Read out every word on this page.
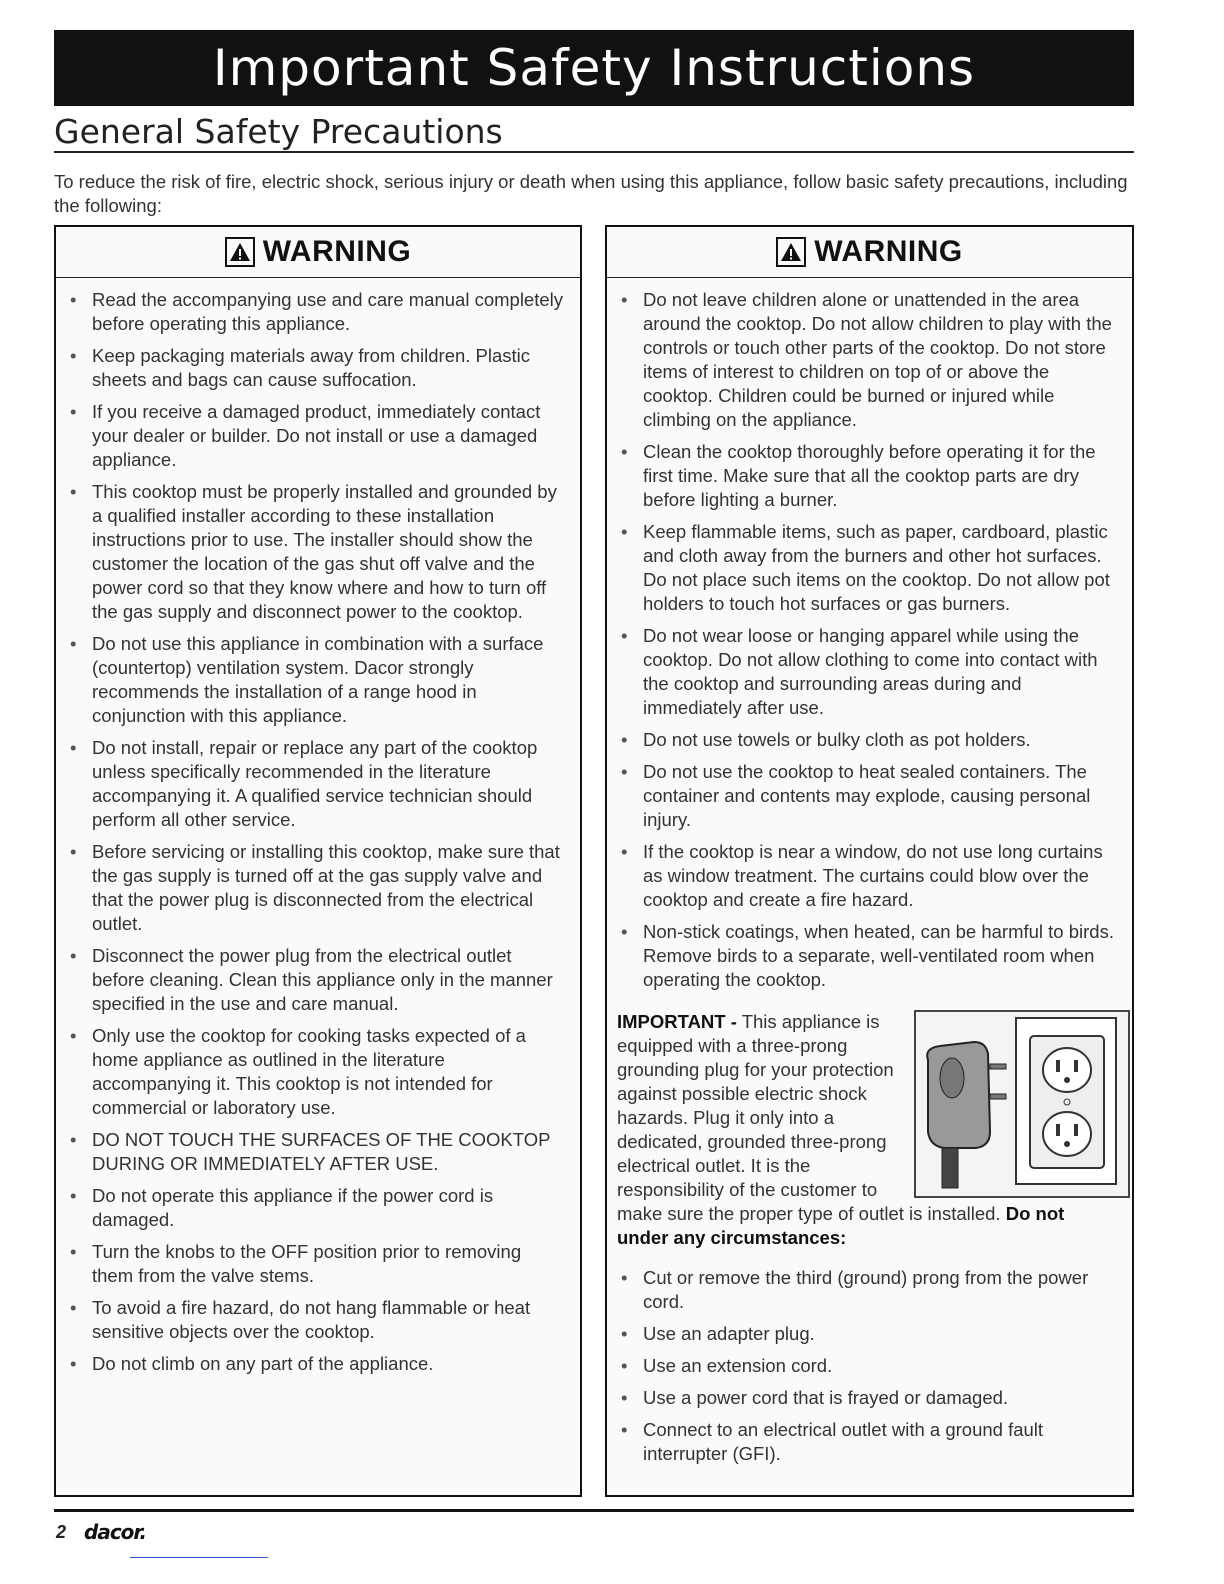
Important Safety Instructions
General Safety Precautions
To reduce the risk of fire, electric shock, serious injury or death when using this appliance, follow basic safety precautions, including the following:
WARNING
• Read the accompanying use and care manual completely before operating this appliance.
• Keep packaging materials away from children. Plastic sheets and bags can cause suffocation.
• If you receive a damaged product, immediately contact your dealer or builder. Do not install or use a damaged appliance.
• This cooktop must be properly installed and grounded by a qualified installer according to these installation instructions prior to use. The installer should show the customer the location of the gas shut off valve and the power cord so that they know where and how to turn off the gas supply and disconnect power to the cooktop.
• Do not use this appliance in combination with a surface (countertop) ventilation system. Dacor strongly recommends the installation of a range hood in conjunction with this appliance.
• Do not install, repair or replace any part of the cooktop unless specifically recommended in the literature accompanying it. A qualified service technician should perform all other service.
• Before servicing or installing this cooktop, make sure that the gas supply is turned off at the gas supply valve and that the power plug is disconnected from the electrical outlet.
• Disconnect the power plug from the electrical outlet before cleaning. Clean this appliance only in the manner specified in the use and care manual.
• Only use the cooktop for cooking tasks expected of a home appliance as outlined in the literature accompanying it. This cooktop is not intended for commercial or laboratory use.
• DO NOT TOUCH THE SURFACES OF THE COOKTOP DURING OR IMMEDIATELY AFTER USE.
• Do not operate this appliance if the power cord is damaged.
• Turn the knobs to the OFF position prior to removing them from the valve stems.
• To avoid a fire hazard, do not hang flammable or heat sensitive objects over the cooktop.
• Do not climb on any part of the appliance.
WARNING
• Do not leave children alone or unattended in the area around the cooktop. Do not allow children to play with the controls or touch other parts of the cooktop. Do not store items of interest to children on top of or above the cooktop. Children could be burned or injured while climbing on the appliance.
• Clean the cooktop thoroughly before operating it for the first time. Make sure that all the cooktop parts are dry before lighting a burner.
• Keep flammable items, such as paper, cardboard, plastic and cloth away from the burners and other hot surfaces. Do not place such items on the cooktop. Do not allow pot holders to touch hot surfaces or gas burners.
• Do not wear loose or hanging apparel while using the cooktop. Do not allow clothing to come into contact with the cooktop and surrounding areas during and immediately after use.
• Do not use towels or bulky cloth as pot holders.
• Do not use the cooktop to heat sealed containers. The container and contents may explode, causing personal injury.
• If the cooktop is near a window, do not use long curtains as window treatment. The curtains could blow over the cooktop and create a fire hazard.
• Non-stick coatings, when heated, can be harmful to birds. Remove birds to a separate, well-ventilated room when operating the cooktop.
IMPORTANT - This appliance is equipped with a three-prong grounding plug for your protection against possible electric shock hazards. Plug it only into a dedicated, grounded three-prong electrical outlet. It is the responsibility of the customer to make sure the proper type of outlet is installed. Do not under any circumstances:
• Cut or remove the third (ground) prong from the power cord.
• Use an adapter plug.
• Use an extension cord.
• Use a power cord that is frayed or damaged.
• Connect to an electrical outlet with a ground fault interrupter (GFI).
2 dacor.
